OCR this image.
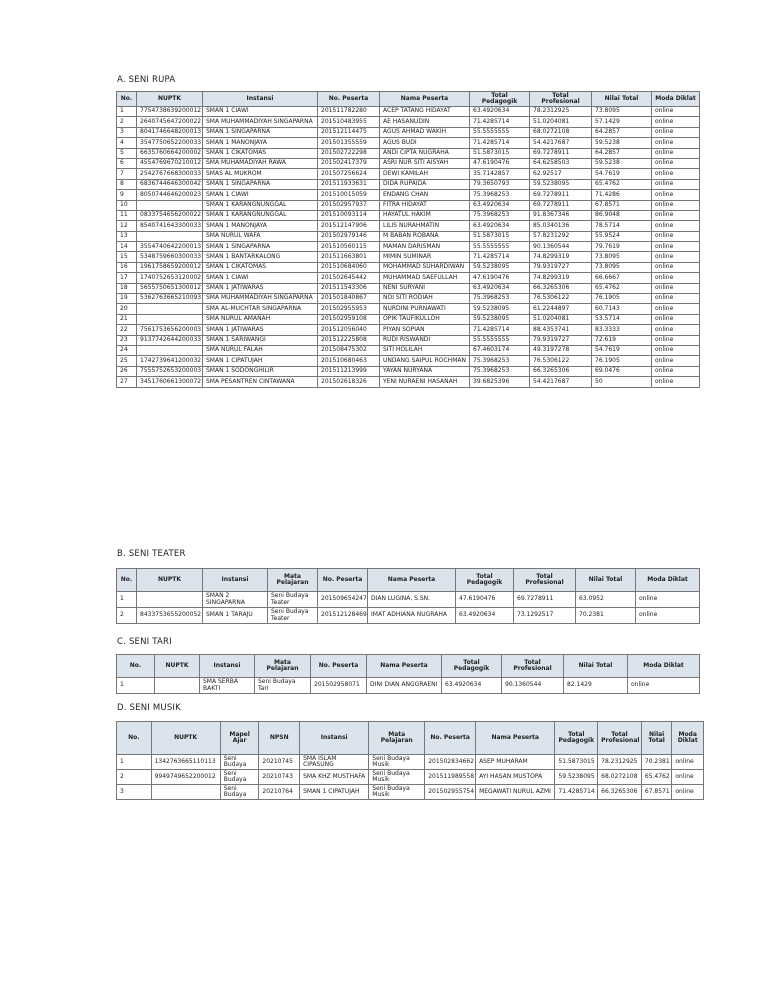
A. SENI RUPA
No.	NUPTK	Instansi	No. Peserta	Nama Peserta	Total Pedagogik	Total Profesional	Nilai Total	Moda Diklat
1	7754738639200012	SMAN 1 CIAWI	201511782280	ACEP TATANG HIDAYAT	63.4920634	78.2312925	73.8095	online
2	2640745647200022	SMA MUHAMMADIYAH SINGAPARNA	201510483955	AE HASANUDIN	71.4285714	51.0204081	57.1429	online
3	8041746648200013	SMAN 1 SINGAPARNA	201512114475	AGUS AHMAD WAKIH	55.5555555	68.0272108	64.2857	online
4	3547750652200033	SMAN 1 MANONJAYA	201501355559	AGUS BUDI	71.4285714	54.4217687	59.5238	online
5	6635760664200002	SMAN 1 CIKATOMAS	201502722298	ANDI CIPTA NUGRAHA	51.5873015	69.7278911	64.2857	online
6	4554769670210012	SMA MUHAMADIYAH RAWA	201502417379	ASRI NUR SITI AISYAH	47.6190476	64.6258503	59.5238	online
7	2542767668300033	SMAS AL MUKROM	201507256624	DEWI KAMILAH	35.7142857	62.92517	54.7619	online
8	6836744646300042	SMAN 1 SINGAPARNA	201511933631	DIDA RUPAIDA	79.3650793	59.5238095	65.4762	online
9	8050744646200023	SMAN 1 CIAWI	201510015059	ENDANG CHAN	75.3968253	69.7278911	71.4286	online
10		SMAN 1 KARANGNUNGGAL	201502957937	FITRA HIDAYAT	63.4920634	69.7278911	67.8571	online
11	0833754656200022	SMAN 1 KARANGNUNGGAL	201510093114	HAYATUL HAKIM	75.3968253	91.8367346	86.9048	online
12	8540741643300033	SMAN 1 MANONJAYA	201512147906	LILIS NURAHMATIN	63.4920634	85.0340136	78.5714	online
13		SMA NURUL WAFA	201502979146	M BABAN ROBANA	51.5873015	57.8231292	55.9524	online
14	3554740642200013	SMAN 1 SINGAPARNA	201510560115	MAMAN DARISMAN	55.5555555	90.1360544	79.7619	online
15	5348759660300033	SMAN 1 BANTARKALONG	201511663801	MIMIN SUMINAR	71.4285714	74.8299319	73.8095	online
16	1961758659200012	SMAN 1 CIKATOMAS	201510684060	MOHAMMAD SUHARDIWAN	59.5238095	79.9319727	73.8095	online
17	1740752653120002	SMAN 1 CIAWI	201502645442	MUHAMMAD SAEFULLAH	47.6190476	74.8299319	66.6667	online
18	5655750651300012	SMAN 1 JATIWARAS	201511543306	NENI SURYANI	63.4920634	66.3265306	65.4762	online
19	5362763665210093	SMA MUHAMMADIYAH SINGAPARNA	201501840867	NOI SITI RODIAH	75.3968253	76.5306122	76.1905	online
20		SMA AL-MUCHTAR SINGAPARNA	201502955953	NURDINI PURNAWATI	59.5238095	61.2244897	60.7143	online
21		SMA NURUL AMANAH	201502959108	OPIK TAUFIKULLOH	59.5238095	51.0204081	53.5714	online
22	7561753656200003	SMAN 1 JATIWARAS	201512056040	PIYAN SOPIAN	71.4285714	88.4353741	83.3333	online
23	9137742644200033	SMAN 1 SARIWANGI	201512225808	RUDI RISWANDI	55.5555555	79.9319727	72.619	online
24		SMA NURUL FALAH	201508475302	SITI HOLILAH	67.4603174	49.3197278	54.7619	online
25	1742739641200032	SMAN 1 CIPATUJAH	201510680463	UNDANG SAIPUL ROCHMAN	75.3968253	76.5306122	76.1905	online
26	7555752653200003	SMAN 1 SODONGHILIR	201511213999	YAYAN NURYANA	75.3968253	66.3265306	69.0476	online
27	3451760661300072	SMA PESANTREN CINTAWANA	201502618326	YENI NURAENI HASANAH	39.6825396	54.4217687	50	online
B. SENI TEATER
No.	NUPTK	Instansi	Mata Pelajaran	No. Peserta	Nama Peserta	Total Pedagogik	Total Profesional	Nilai Total	Moda Diklat
1		SMAN 2 SINGAPARNA	Seni Budaya Teater	201509654247	DIAN LUGINA, S.SN.	47.6190476	69.7278911	63.0952	online
2	8433753655200052	SMAN 1 TARAJU	Seni Budaya Teater	201512128469	IMAT ADHIANA NUGRAHA	63.4920634	73.1292517	70.2381	online
C. SENI TARI
No.	NUPTK	Instansi	Mata Pelajaran	No. Peserta	Nama Peserta	Total Pedagogik	Total Profesional	Nilai Total	Moda Diklat
1		SMA SERBA BAKTI	Seni Budaya Tari	201502958071	DINI DIAN ANGGRAENI	63.4920634	90.1360544	82.1429	online
D. SENI MUSIK
No.	NUPTK	Mapel Ajar	NPSN	Instansi	Mata Pelajaran	No. Peserta	Nama Peserta	Total Pedagogik	Total Profesional	Nilai Total	Moda Diklat
1	1342763665110113	Seni Budaya	20210745	SMA ISLAM CIPASUNG	Seni Budaya Musik	201502834662	ASEP MUHARAM	51.5873015	78.2312925	70.2381	online
2	9949749652200012	Seni Budaya	20210743	SMA KHZ MUSTHAFA	Seni Budaya Musik	201511989558	AYI HASAN MUSTOPA	59.5238095	68.0272108	65.4762	online
3		Seni Budaya	20210764	SMAN 1 CIPATUJAH	Seni Budaya Musik	201502955754	MEGAWATI NURUL AZMI	71.4285714	66.3265306	67.8571	online
